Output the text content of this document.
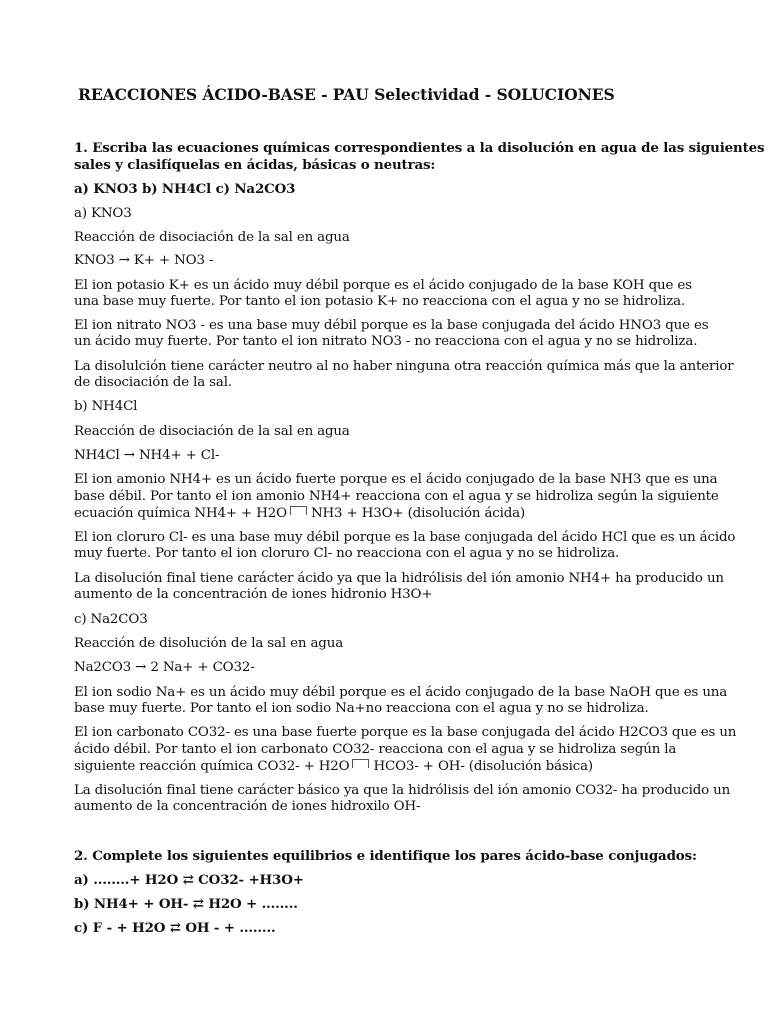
REACCIONES ÁCIDO-BASE - PAU Selectividad - SOLUCIONES

1. Escriba las ecuaciones químicas correspondientes a la disolución en agua de las siguientes

sales y clasifíquelas en ácidas, básicas o neutras:

a) KNO3 b) NH4Cl c) Na2CO3

a) KNO3

Reacción de disociación de la sal en agua

KNO3 → K+ + NO3 -

El ion potasio K+ es un ácido muy débil porque es el ácido conjugado de la base KOH que es

una base muy fuerte. Por tanto el ion potasio K+ no reacciona con el agua y no se hidroliza.

El ion nitrato NO3 - es una base muy débil porque es la base conjugada del ácido HNO3 que es

un ácido muy fuerte. Por tanto el ion nitrato NO3 - no reacciona con el agua y no se hidroliza.

La disolulción tiene carácter neutro al no haber ninguna otra reacción química más que la anterior

de disociación de la sal.

b) NH4Cl

Reacción de disociación de la sal en agua

NH4Cl → NH4+ + Cl-

El ion amonio NH4+ es un ácido fuerte porque es el ácido conjugado de la base NH3 que es una

base débil. Por tanto el ion amonio NH4+ reacciona con el agua y se hidroliza según la siguiente

ecuación química NH4+ + H2O NH3 + H3O+ (disolución ácida)

El ion cloruro Cl- es una base muy débil porque es la base conjugada del ácido HCl que es un ácido

muy fuerte. Por tanto el ion cloruro Cl- no reacciona con el agua y no se hidroliza.

La disolución final tiene carácter ácido ya que la hidrólisis del ión amonio NH4+ ha producido un

aumento de la concentración de iones hidronio H3O+

c) Na2CO3

Reacción de disolución de la sal en agua

Na2CO3 → 2 Na+ + CO32-

El ion sodio Na+ es un ácido muy débil porque es el ácido conjugado de la base NaOH que es una

base muy fuerte. Por tanto el ion sodio Na+no reacciona con el agua y no se hidroliza.

El ion carbonato CO32- es una base fuerte porque es la base conjugada del ácido H2CO3 que es un

ácido débil. Por tanto el ion carbonato CO32- reacciona con el agua y se hidroliza según la

siguiente reacción química CO32- + H2O HCO3- + OH- (disolución básica)

La disolución final tiene carácter básico ya que la hidrólisis del ión amonio CO32- ha producido un

aumento de la concentración de iones hidroxilo OH-

2. Complete los siguientes equilibrios e identifique los pares ácido-base conjugados:

a) ........+ H2O ⇄ CO32- +H3O+

b) NH4+ + OH- ⇄ H2O + ........

c) F - + H2O ⇄ OH - + ........
